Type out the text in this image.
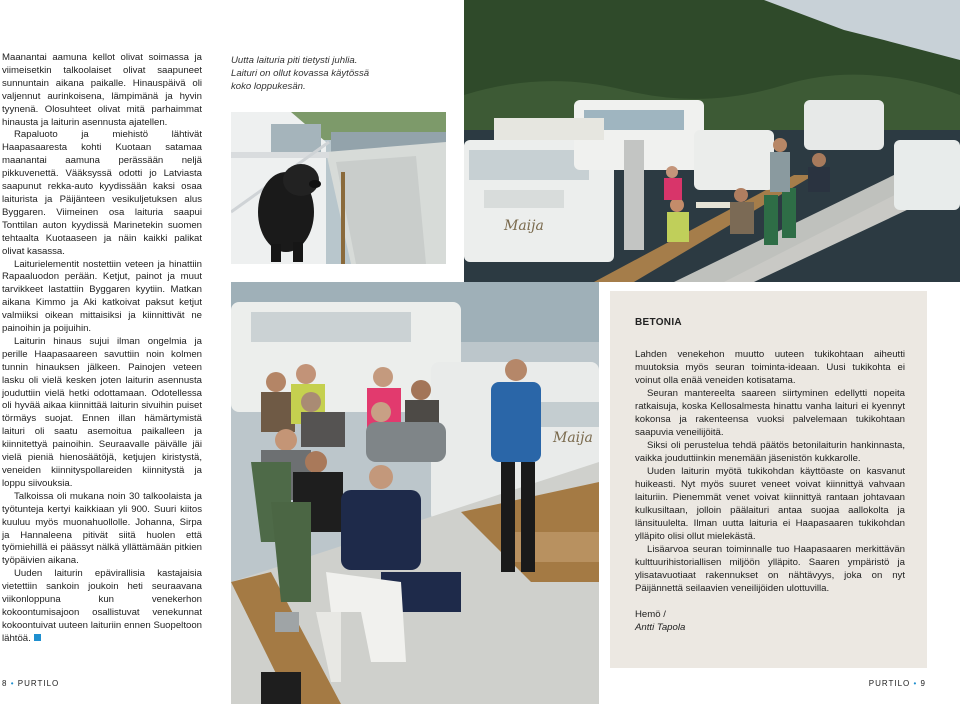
Maanantai aamuna kellot olivat soimassa ja viimeisetkin talkoolaiset olivat saapuneet sunnuntain aikana paikalle. Hinauspäivä oli valjennut aurinkoisena, lämpimänä ja hyvin tyynenä. Olosuhteet olivat mitä parhaimmat hinausta ja laiturin asennusta ajatellen.

Rapaluoto ja miehistö lähtivät Haapasaaresta kohti Kuotaan satamaa maanantai aamuna perässään neljä pikkuvenettä. Vääksyssä odotti jo Latviasta saapunut rekka-auto kyydissään kaksi osaa laiturista ja Päijänteen vesikuljetuksen alus Byggaren. Viimeinen osa laituria saapui Tonttilan auton kyydissä Marinetekin suomen tehtaalta Kuotaaseen ja näin kaikki palikat olivat kasassa.

Laiturielementit nostettiin veteen ja hinattiin Rapaaluodon perään. Ketjut, painot ja muut tarvikkeet lastattiin Byggaren kyytiin. Matkan aikana Kimmo ja Aki katkoivat paksut ketjut valmiiksi oikean mittaisiksi ja kiinnittivät ne painoihin ja poijuihin.

Laiturin hinaus sujui ilman ongelmia ja perille Haapasaareen savuttiin noin kolmen tunnin hinauksen jälkeen. Painojen veteen lasku oli vielä kesken joten laiturin asennusta jouduttiin vielä hetki odottamaan. Odotellessa oli hyvää aikaa kiinnittää laiturin sivuihin puiset törmäys suojat. Ennen illan hämärtymistä laituri oli saatu asemoitua paikalleen ja kiinnitettyä painoihin. Seuraavalle päivälle jäi vielä pieniä hienosäätöjä, ketjujen kiristystä, veneiden kiinnityspollareiden kiinnitystä ja loppu siivouksia.

Talkoissa oli mukana noin 30 talkoolaista ja työtunteja kertyi kaikkiaan yli 900. Suuri kiitos kuuluu myös muonahuollolle. Johanna, Sirpa ja Hannaleena pitivät siitä huolen että työmiehillä ei päässyt nälkä yllättämään pitkien työpäivien aikana.

Uuden laiturin epävirallisia kastajaisia vietettiin sankoin joukoin heti seuraavana viikonloppuna kun venekerhon kokoontumisajoon osallistuvat venekunnat kokoontuivat uuteen laituriin ennen Suopeltoon lähtöä.

Uutta laituria piti tietysti juhlia.
Laituri on ollut kovassa käytössä
koko loppukesän.
Maija
Maija
BETONIA

Lahden venekehon muutto uuteen tukikohtaan aiheutti muutoksia myös seuran toiminta-ideaan. Uusi tukikohta ei voinut olla enää veneiden kotisatama.

Seuran mantereelta saareen siirtyminen edellytti nopeita ratkaisuja, koska Kellosalmesta hinattu vanha laituri ei kyennyt kokonsa ja rakenteensa vuoksi palvelemaan tukikohtaan saapuvia veneilijöitä.

Siksi oli perustelua tehdä päätös betonilaiturin hankinnasta, vaikka jouduttiinkin menemään jäsenistön kukkarolle.

Uuden laiturin myötä tukikohdan käyttöaste on kasvanut huikeasti. Nyt myös suuret veneet voivat kiinnittyä vahvaan laituriin. Pienemmät venet voivat kiinnittyä rantaan johtavaan kulkusiltaan, jolloin päälaituri antaa suojaa aallokolta ja länsituulelta. Ilman uutta laituria ei Haapasaaren tukikohdan ylläpito olisi ollut mielekästä.

Lisäarvoa seuran toiminnalle tuo Haapasaaren merkittävän kulttuurihistoriallisen miljöön ylläpito. Saaren ympäristö ja ylisatavuotiaat rakennukset on nähtävyys, joka on nyt Päijännettä seilaavien veneilijöiden ulottuvilla.

Hemö /
Antti Tapola

8 • PURTILO	PURTILO • 9
